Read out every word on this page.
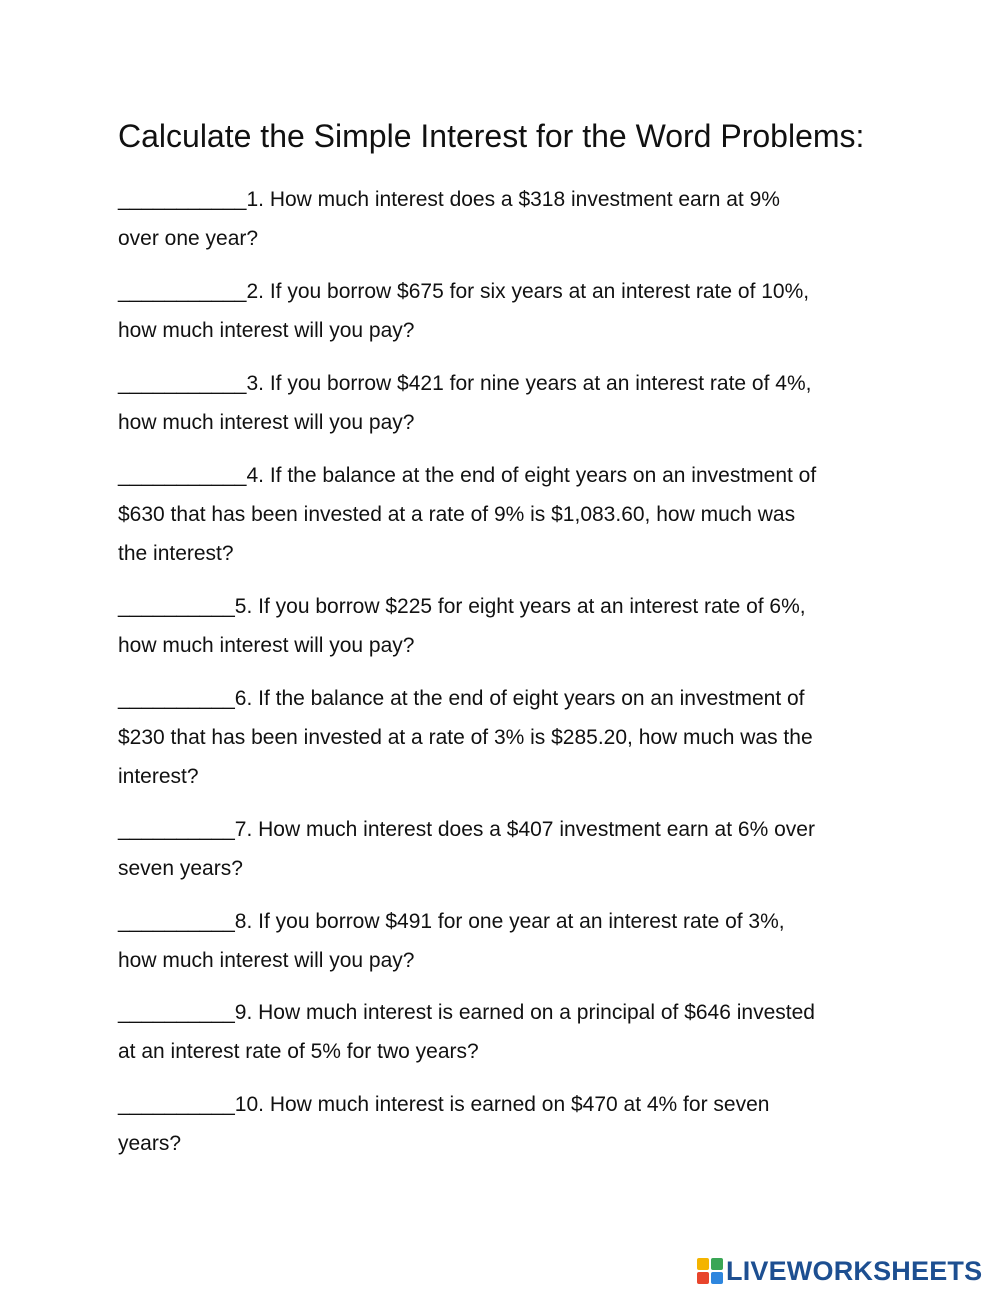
Calculate the Simple Interest for the Word Problems:

___________1. How much interest does a $318 investment earn at 9%
over one year?

___________2. If you borrow $675 for six years at an interest rate of 10%,
how much interest will you pay?

___________3. If you borrow $421 for nine years at an interest rate of 4%,
how much interest will you pay?

___________4. If the balance at the end of eight years on an investment of
$630 that has been invested at a rate of 9% is $1,083.60, how much was
the interest?

__________5. If you borrow $225 for eight years at an interest rate of 6%,
how much interest will you pay?

__________6. If the balance at the end of eight years on an investment of
$230 that has been invested at a rate of 3% is $285.20, how much was the
interest?

__________7. How much interest does a $407 investment earn at 6% over
seven years?

__________8. If you borrow $491 for one year at an interest rate of 3%,
how much interest will you pay?

__________9. How much interest is earned on a principal of $646 invested
at an interest rate of 5% for two years?

__________10. How much interest is earned on $470 at 4% for seven
years?

LIVEWORKSHEETS
